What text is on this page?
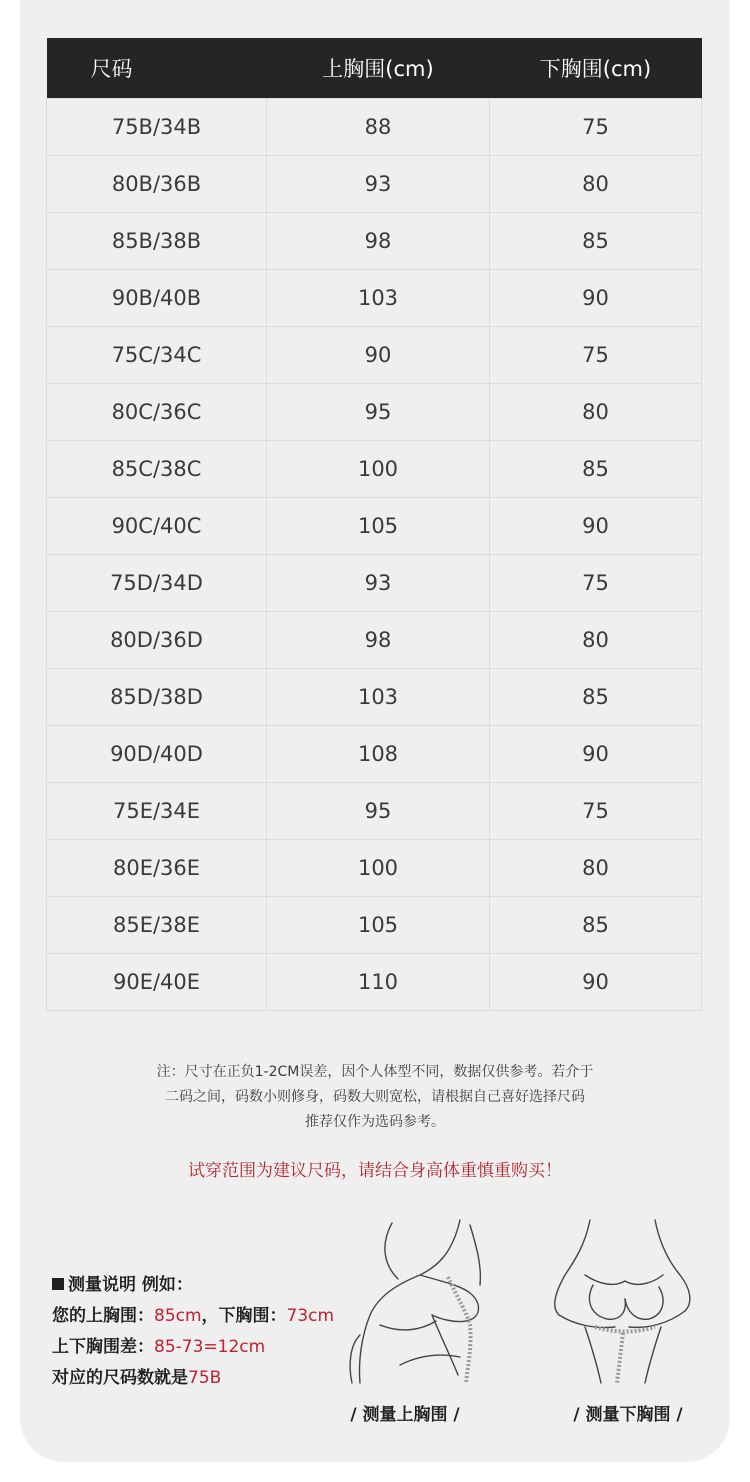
尺码	上胸围(cm)	下胸围(cm)
75B/34B	88	75
80B/36B	93	80
85B/38B	98	85
90B/40B	103	90
75C/34C	90	75
80C/36C	95	80
85C/38C	100	85
90C/40C	105	90
75D/34D	93	75
80D/36D	98	80
85D/38D	103	85
90D/40D	108	90
75E/34E	95	75
80E/36E	100	80
85E/38E	105	85
90E/40E	110	90
注：尺寸在正负1-2CM误差，因个人体型不同，数据仅供参考。若介于
二码之间，码数小则修身，码数大则宽松，请根据自己喜好选择尺码
推荐仅作为选码参考。
试穿范围为建议尺码，请结合身高体重慎重购买！
测量说明 例如：
您的上胸围：85cm，下胸围：73cm
上下胸围差：85-73=12cm
对应的尺码数就是75B
/ 测量上胸围 /	/ 测量下胸围 /
